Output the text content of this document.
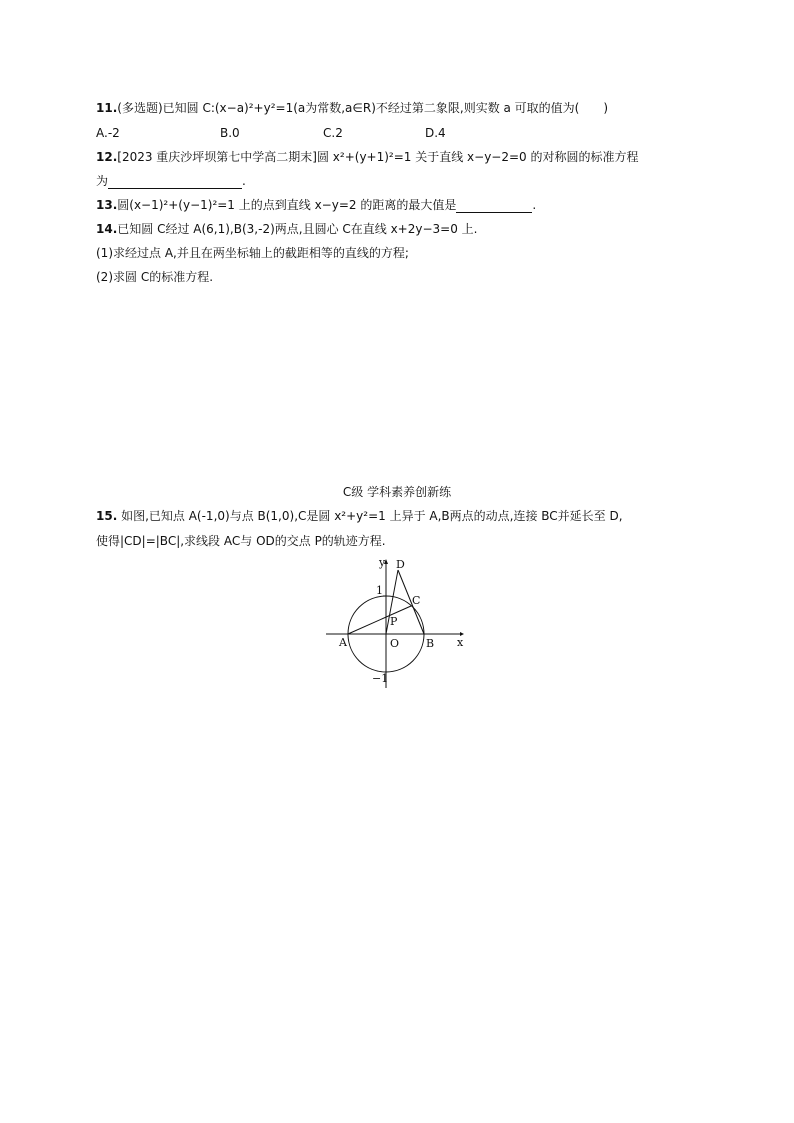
11.(多选题)已知圆 C:(x−a)²+y²=1(a为常数,a∈R)不经过第二象限,则实数 a 可取的值为(　　)
A.-2	B.0	C.2	D.4
12.[2023 重庆沙坪坝第七中学高二期末]圆 x²+(y+1)²=1 关于直线 x−y−2=0 的对称圆的标准方程
为	.
13.圆(x−1)²+(y−1)²=1 上的点到直线 x−y=2 的距离的最大值是	.
14.已知圆 C经过 A(6,1),B(3,-2)两点,且圆心 C在直线 x+2y−3=0 上.
(1)求经过点 A,并且在两坐标轴上的截距相等的直线的方程;
(2)求圆 C的标准方程.
C级 学科素养创新练
15. 如图,已知点 A(-1,0)与点 B(1,0),C是圆 x²+y²=1 上异于 A,B两点的动点,连接 BC并延长至 D,
使得|CD|=|BC|,求线段 AC与 OD的交点 P的轨迹方程.
y
x
1
−1
A	O B
C
D
P
